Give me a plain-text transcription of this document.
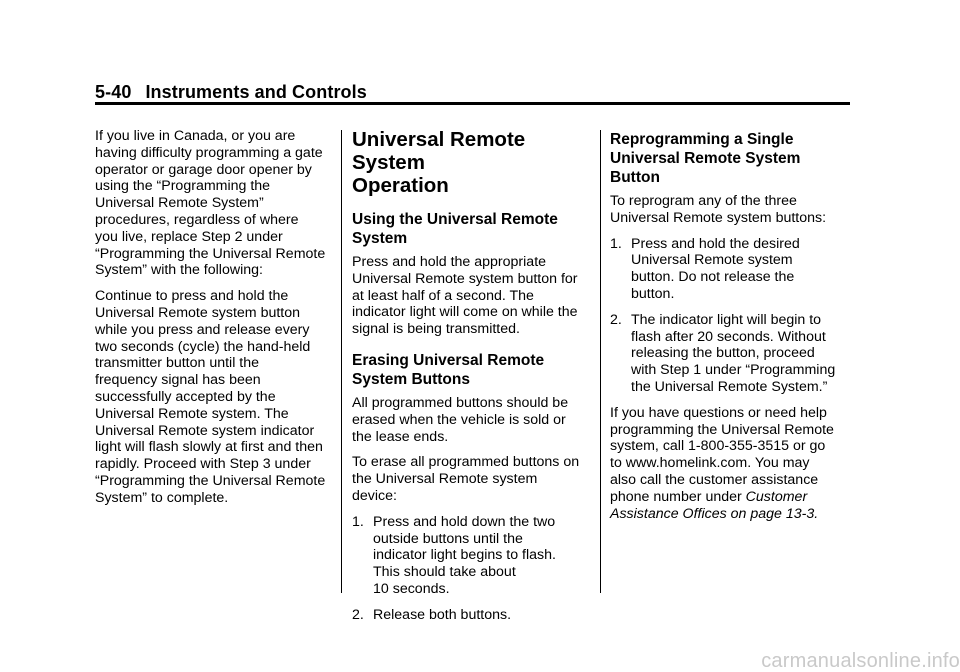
5-40 Instruments and Controls

If you live in Canada, or you are
having difficulty programming a gate
operator or garage door opener by
using the “Programming the
Universal Remote System”
procedures, regardless of where
you live, replace Step 2 under
“Programming the Universal Remote
System” with the following:

Continue to press and hold the
Universal Remote system button
while you press and release every
two seconds (cycle) the hand-held
transmitter button until the
frequency signal has been
successfully accepted by the
Universal Remote system. The
Universal Remote system indicator
light will flash slowly at first and then
rapidly. Proceed with Step 3 under
“Programming the Universal Remote
System” to complete.

Universal Remote System
Operation
Using the Universal Remote
System

Press and hold the appropriate
Universal Remote system button for
at least half of a second. The
indicator light will come on while the
signal is being transmitted.

Erasing Universal Remote
System Buttons

All programmed buttons should be
erased when the vehicle is sold or
the lease ends.

To erase all programmed buttons on
the Universal Remote system
device:

1. Press and hold down the two
outside buttons until the
indicator light begins to flash.
This should take about
10 seconds.
2. Release both buttons.
Reprogramming a Single
Universal Remote System
Button

To reprogram any of the three
Universal Remote system buttons:

1. Press and hold the desired
Universal Remote system
button. Do not release the
button.
2. The indicator light will begin to
flash after 20 seconds. Without
releasing the button, proceed
with Step 1 under “Programming
the Universal Remote System.”

If you have questions or need help
programming the Universal Remote
system, call 1-800-355-3515 or go
to www.homelink.com. You may
also call the customer assistance
phone number under Customer
Assistance Offices on page 13-3.

carmanualsonline.info
